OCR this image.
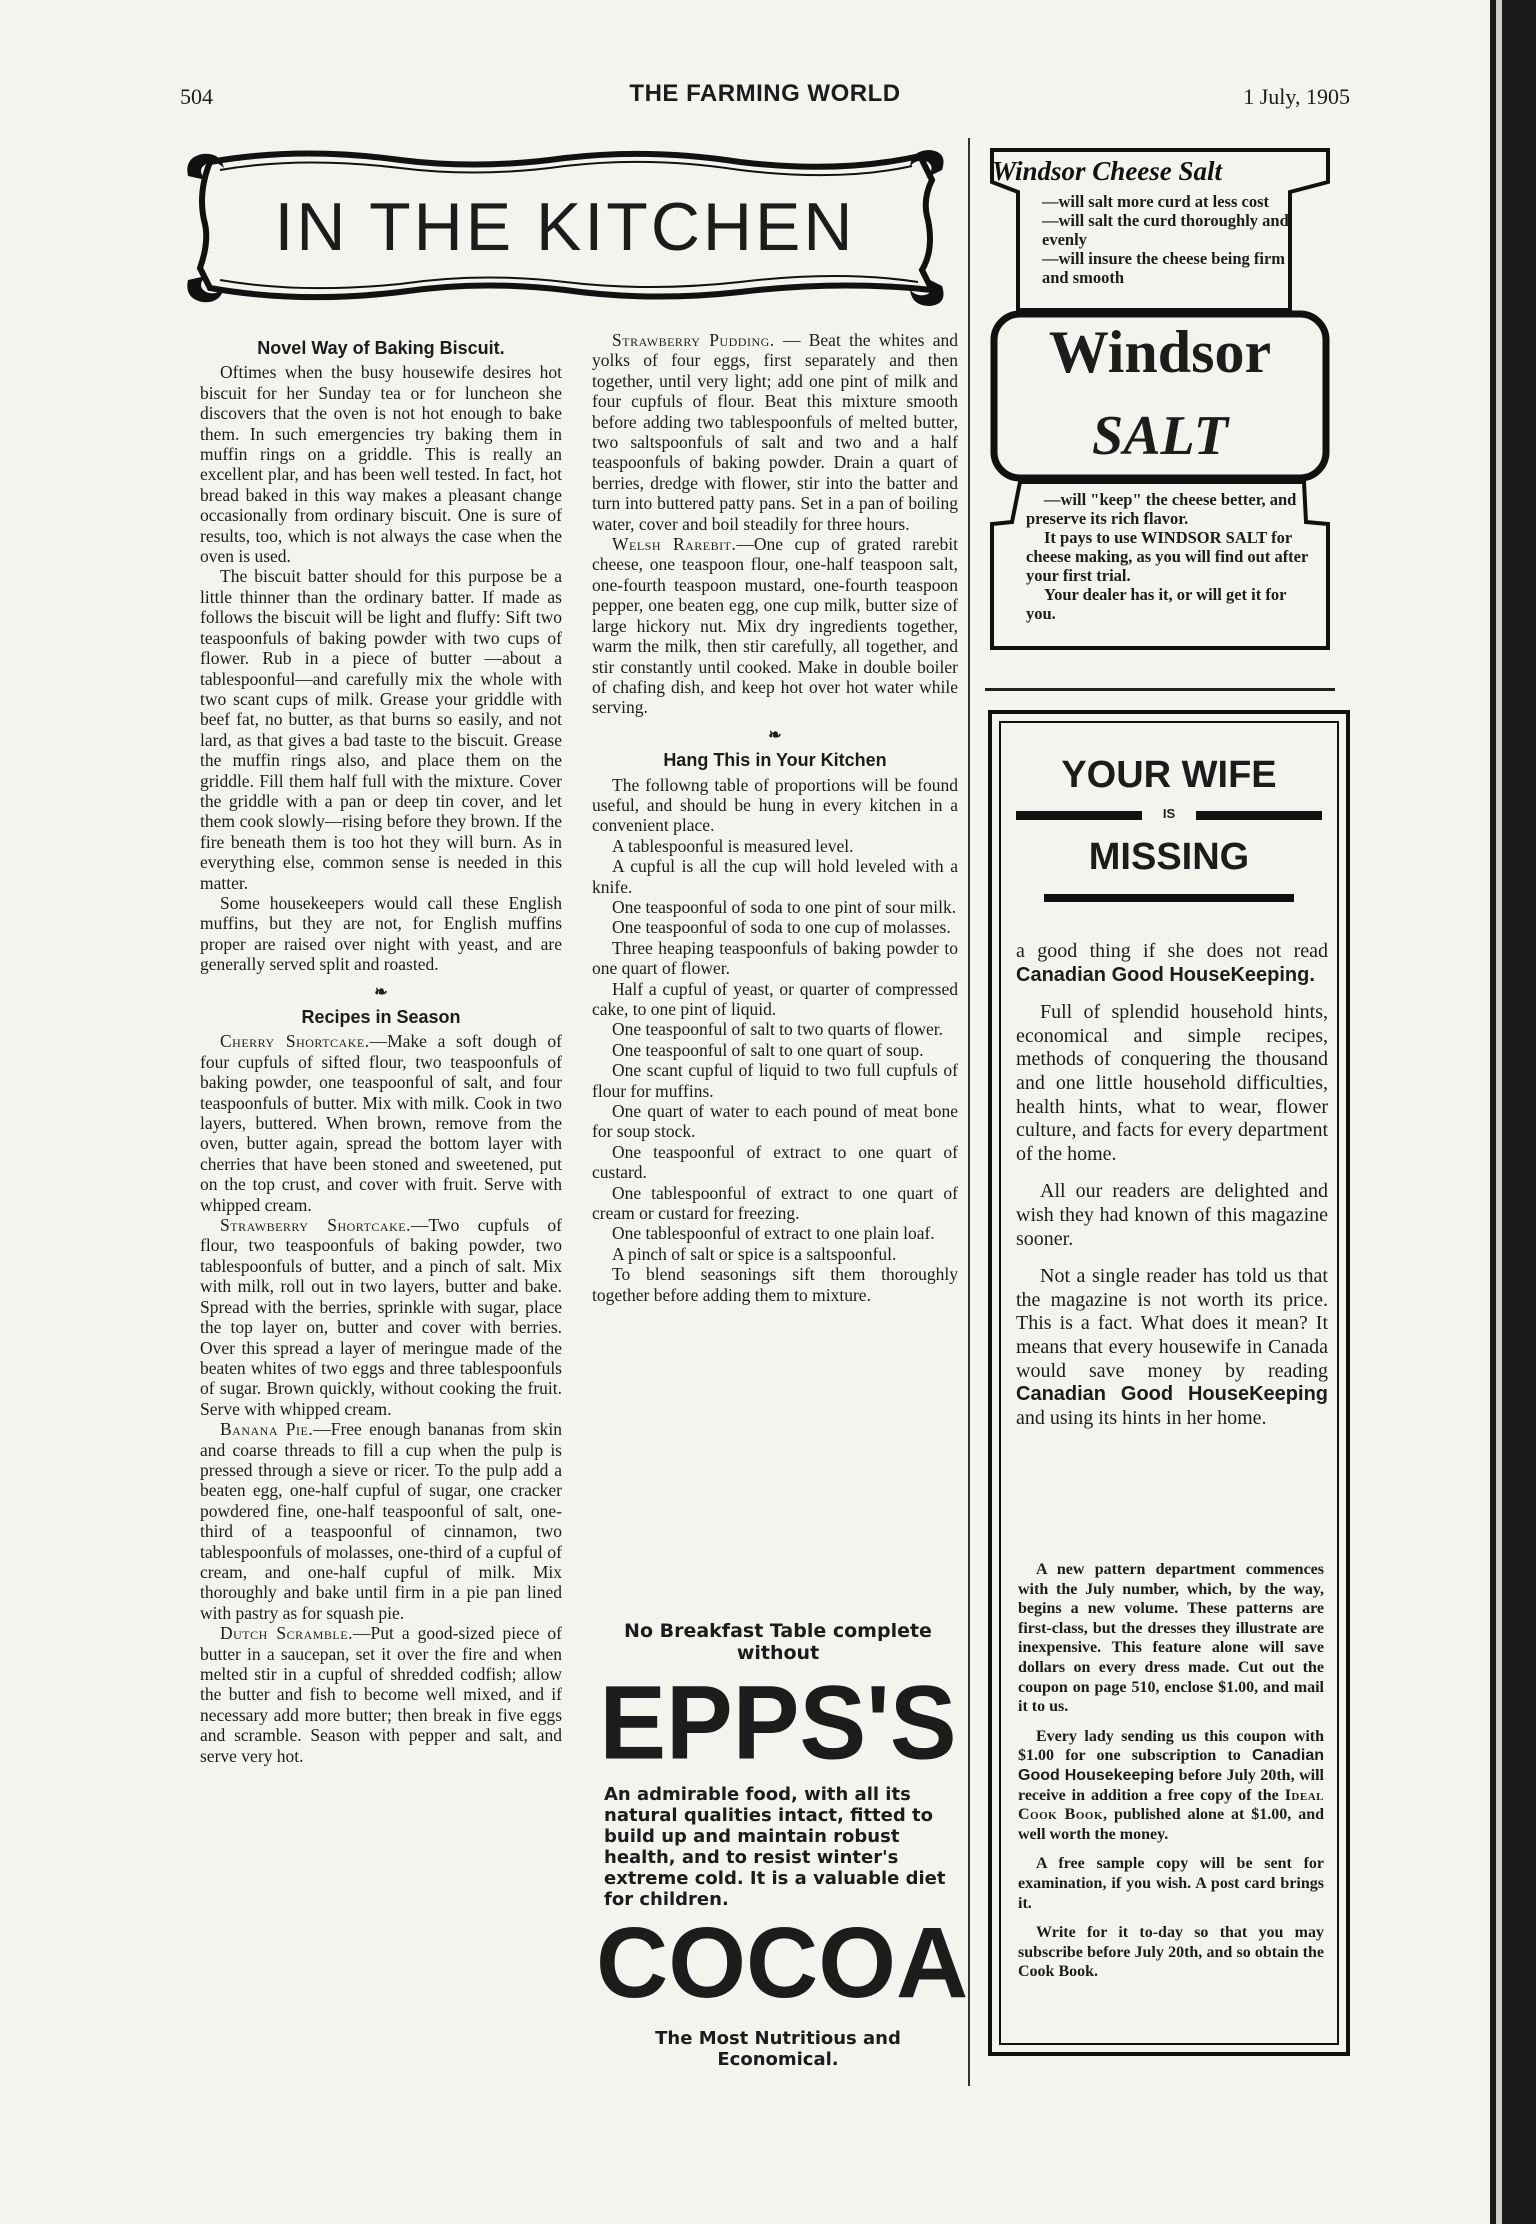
504	THE FARMING WORLD	1 July, 1905
IN THE KITCHEN
Novel Way of Baking Biscuit.

Oftimes when the busy housewife desires hot biscuit for her Sunday tea or for luncheon she discovers that the oven is not hot enough to bake them. In such emergencies try baking them in muffin rings on a griddle. This is really an excellent plar, and has been well tested. In fact, hot bread baked in this way makes a pleasant change occasionally from ordinary biscuit. One is sure of results, too, which is not always the case when the oven is used.

The biscuit batter should for this purpose be a little thinner than the ordinary batter. If made as follows the biscuit will be light and fluffy: Sift two teaspoonfuls of baking powder with two cups of flower. Rub in a piece of butter —about a tablespoonful—and carefully mix the whole with two scant cups of milk. Grease your griddle with beef fat, no butter, as that burns so easily, and not lard, as that gives a bad taste to the biscuit. Grease the muffin rings also, and place them on the griddle. Fill them half full with the mixture. Cover the griddle with a pan or deep tin cover, and let them cook slowly—rising before they brown. If the fire beneath them is too hot they will burn. As in everything else, common sense is needed in this matter.

Some housekeepers would call these English muffins, but they are not, for English muffins proper are raised over night with yeast, and are generally served split and roasted.

❧
Recipes in Season

Cherry Shortcake.—Make a soft dough of four cupfuls of sifted flour, two teaspoonfuls of baking powder, one teaspoonful of salt, and four teaspoonfuls of butter. Mix with milk. Cook in two layers, buttered. When brown, remove from the oven, butter again, spread the bottom layer with cherries that have been stoned and sweetened, put on the top crust, and cover with fruit. Serve with whipped cream.

Strawberry Shortcake.—Two cupfuls of flour, two teaspoonfuls of baking powder, two tablespoonfuls of butter, and a pinch of salt. Mix with milk, roll out in two layers, butter and bake. Spread with the berries, sprinkle with sugar, place the top layer on, butter and cover with berries. Over this spread a layer of meringue made of the beaten whites of two eggs and three tablespoonfuls of sugar. Brown quickly, without cooking the fruit. Serve with whipped cream.

Banana Pie.—Free enough bananas from skin and coarse threads to fill a cup when the pulp is pressed through a sieve or ricer. To the pulp add a beaten egg, one-half cupful of sugar, one cracker powdered fine, one-half teaspoonful of salt, one-third of a teaspoonful of cinnamon, two tablespoonfuls of molasses, one-third of a cupful of cream, and one-half cupful of milk. Mix thoroughly and bake until firm in a pie pan lined with pastry as for squash pie.

Dutch Scramble.—Put a good-sized piece of butter in a saucepan, set it over the fire and when melted stir in a cupful of shredded codfish; allow the butter and fish to become well mixed, and if necessary add more butter; then break in five eggs and scramble. Season with pepper and salt, and serve very hot.

Strawberry Pudding. — Beat the whites and yolks of four eggs, first separately and then together, until very light; add one pint of milk and four cupfuls of flour. Beat this mixture smooth before adding two tablespoonfuls of melted butter, two saltspoonfuls of salt and two and a half teaspoonfuls of baking powder. Drain a quart of berries, dredge with flower, stir into the batter and turn into buttered patty pans. Set in a pan of boiling water, cover and boil steadily for three hours.

Welsh Rarebit.—One cup of grated rarebit cheese, one teaspoon flour, one-half teaspoon salt, one-fourth teaspoon mustard, one-fourth teaspoon pepper, one beaten egg, one cup milk, butter size of large hickory nut. Mix dry ingredients together, warm the milk, then stir carefully, all together, and stir constantly until cooked. Make in double boiler of chafing dish, and keep hot over hot water while serving.

❧
Hang This in Your Kitchen

The followng table of proportions will be found useful, and should be hung in every kitchen in a convenient place.

A tablespoonful is measured level.

A cupful is all the cup will hold leveled with a knife.

One teaspoonful of soda to one pint of sour milk.

One teaspoonful of soda to one cup of molasses.

Three heaping teaspoonfuls of baking powder to one quart of flower.

Half a cupful of yeast, or quarter of compressed cake, to one pint of liquid.

One teaspoonful of salt to two quarts of flower.

One teaspoonful of salt to one quart of soup.

One scant cupful of liquid to two full cupfuls of flour for muffins.

One quart of water to each pound of meat bone for soup stock.

One teaspoonful of extract to one quart of custard.

One tablespoonful of extract to one quart of cream or custard for freezing.

One tablespoonful of extract to one plain loaf.

A pinch of salt or spice is a saltspoonful.

To blend seasonings sift them thoroughly together before adding them to mixture.

No Breakfast Table complete without
EPPS'S
An admirable food, with all its natural qualities intact, fitted to build up and maintain robust health, and to resist winter's extreme cold. It is a valuable diet for children.
COCOA
The Most Nutritious and Economical.
Windsor Cheese Salt
—will salt more curd at less cost
—will salt the curd thoroughly and evenly
—will insure the cheese being firm and smooth
Windsor
SALT

—will "keep" the cheese better, and preserve its rich flavor.

It pays to use WINDSOR SALT for cheese making, as you will find out after your first trial.

Your dealer has it, or will get it for you.

YOUR WIFE
IS
MISSING

a good thing if she does not read Canadian Good HouseKeeping.

Full of splendid household hints, economical and simple recipes, methods of conquering the thousand and one little household difficulties, health hints, what to wear, flower culture, and facts for every department of the home.

All our readers are delighted and wish they had known of this magazine sooner.

Not a single reader has told us that the magazine is not worth its price. This is a fact. What does it mean? It means that every housewife in Canada would save money by reading Canadian Good HouseKeeping and using its hints in her home.

A new pattern department commences with the July number, which, by the way, begins a new volume. These patterns are first-class, but the dresses they illustrate are inexpensive. This feature alone will save dollars on every dress made. Cut out the coupon on page 510, enclose $1.00, and mail it to us.

Every lady sending us this coupon with $1.00 for one subscription to Canadian Good Housekeeping before July 20th, will receive in addition a free copy of the Ideal Cook Book, published alone at $1.00, and well worth the money.

A free sample copy will be sent for examination, if you wish. A post card brings it.

Write for it to-day so that you may subscribe before July 20th, and so obtain the Cook Book.
